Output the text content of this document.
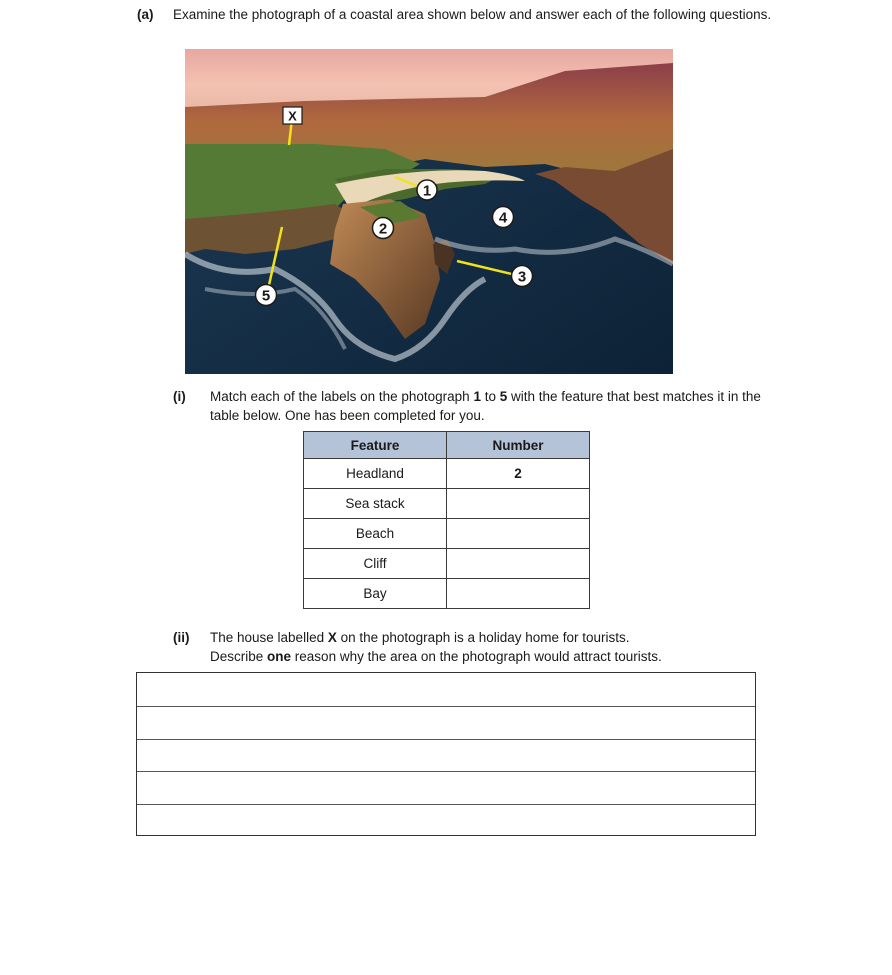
(a) Examine the photograph of a coastal area shown below and answer each of the following questions.
X
1
2
3
4
5
(i) Match each of the labels on the photograph 1 to 5 with the feature that best matches it in the table below. One has been completed for you.
Feature	Number
Headland	2
Sea stack	
Beach	
Cliff	
Bay	
(ii) The house labelled X on the photograph is a holiday home for tourists.
Describe one reason why the area on the photograph would attract tourists.
